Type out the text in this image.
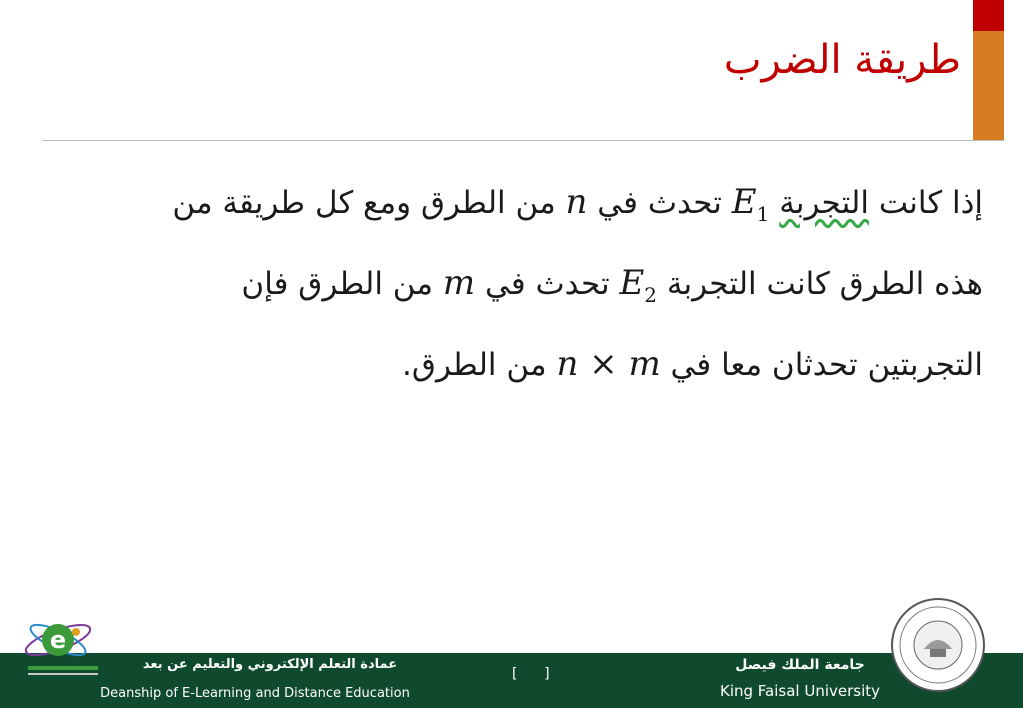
طريقة الضرب
إذا كانت التجربة $E_1$ تحدث في n من الطرق ومع كل طريقة من
هذه الطرق كانت التجربة $E_2$ تحدث في m من الطرق فإن
التجربتين تحدثان معا في n × m من الطرق.
e
عمادة التعلم الإلكتروني والتعليم عن بعد
Deanship of E-Learning and Distance Education
[      ]
جامعة الملك فيصل
King Faisal University
